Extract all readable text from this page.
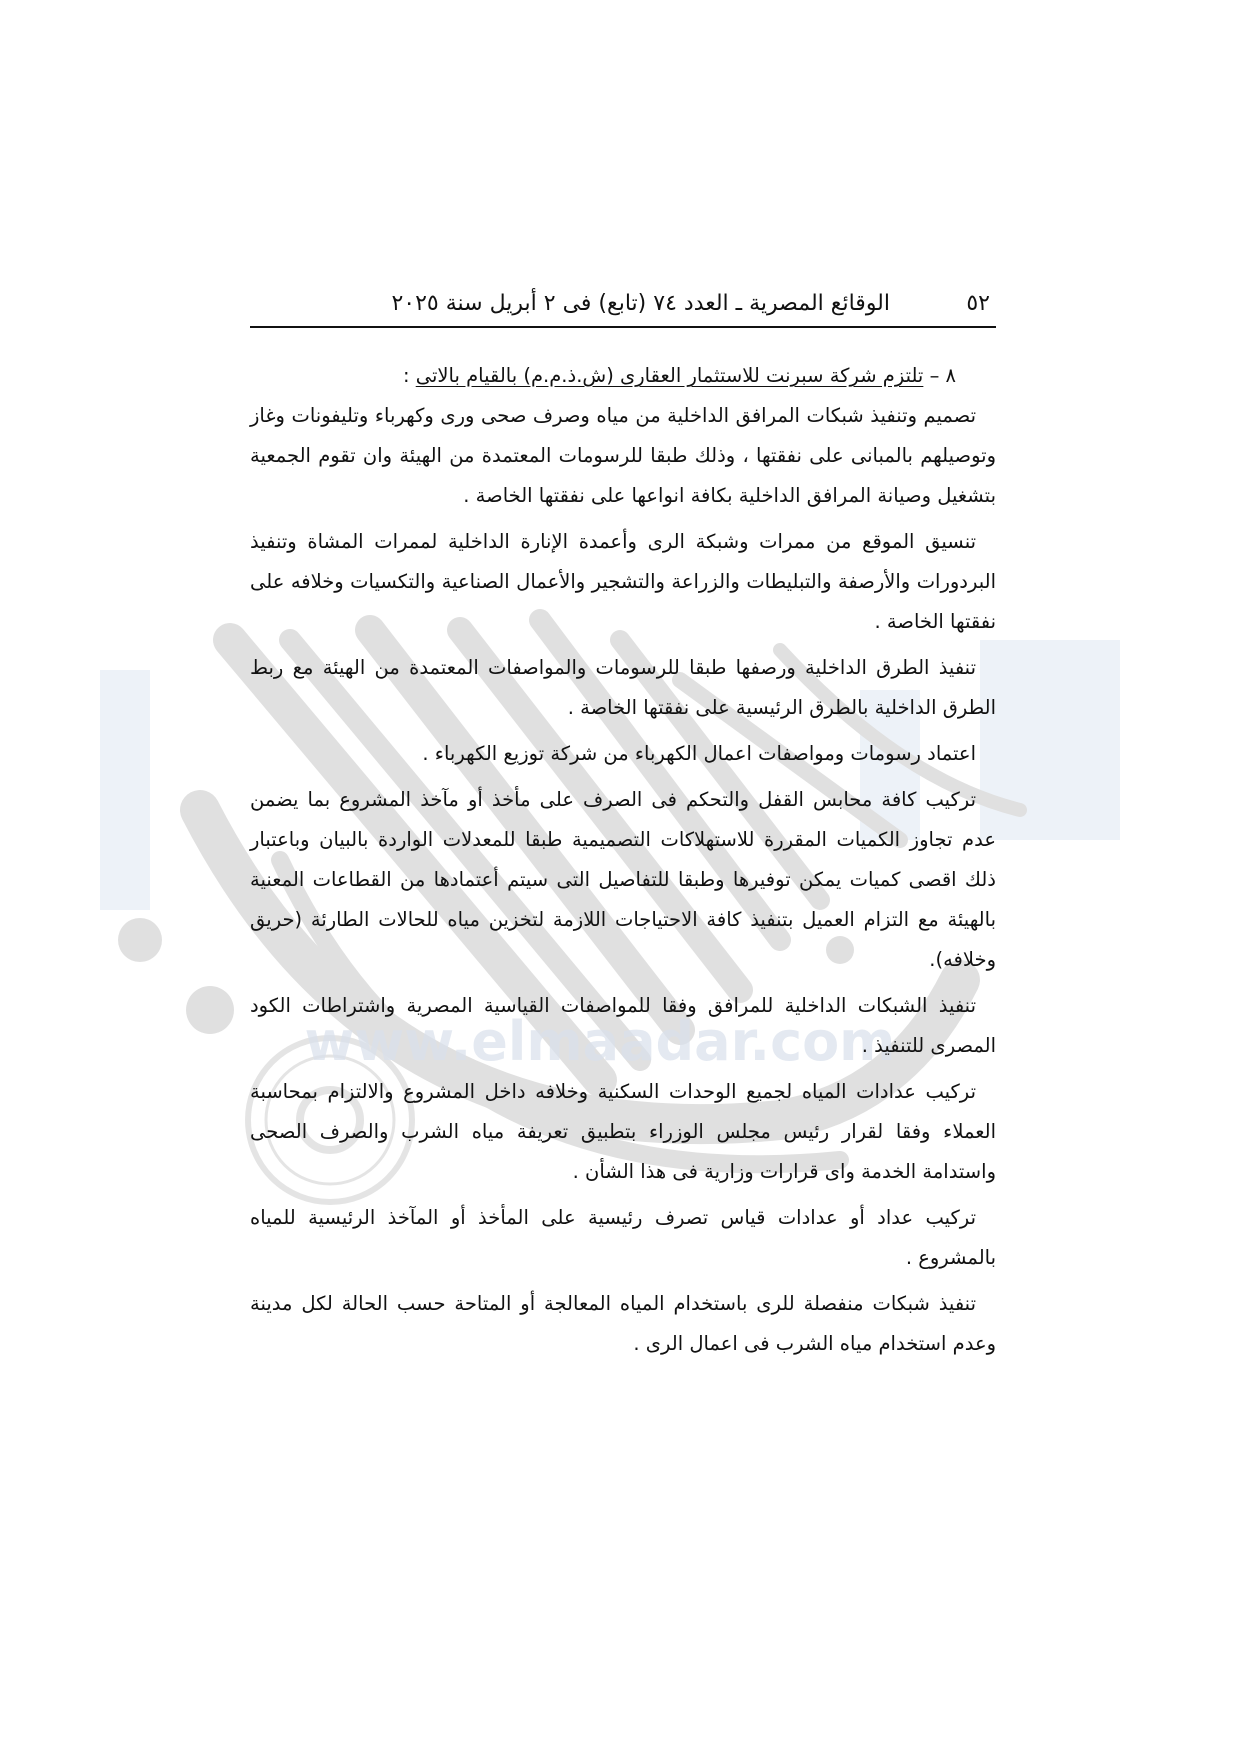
www.elmaadar.com
٥٢
الوقائع المصرية ـ العدد ٧٤ (تابع) فى ٢ أبريل سنة ٢٠٢٥

٨ – تلتزم شركة سبرنت للاستثمار العقارى (ش.ذ.م.م) بالقيام بالاتى :

تصميم وتنفيذ شبكات المرافق الداخلية من مياه وصرف صحى ورى وكهرباء وتليفونات وغاز وتوصيلهم بالمبانى على نفقتها ، وذلك طبقا للرسومات المعتمدة من الهيئة وان تقوم الجمعية بتشغيل وصيانة المرافق الداخلية بكافة انواعها على نفقتها الخاصة .

تنسيق الموقع من ممرات وشبكة الرى وأعمدة الإنارة الداخلية لممرات المشاة وتنفيذ البردورات والأرصفة والتبليطات والزراعة والتشجير والأعمال الصناعية والتكسيات وخلافه على نفقتها الخاصة .

تنفيذ الطرق الداخلية ورصفها طبقا للرسومات والمواصفات المعتمدة من الهيئة مع ربط الطرق الداخلية بالطرق الرئيسية على نفقتها الخاصة .

اعتماد رسومات ومواصفات اعمال الكهرباء من شركة توزيع الكهرباء .

تركيب كافة محابس القفل والتحكم فى الصرف على مأخذ أو مآخذ المشروع بما يضمن عدم تجاوز الكميات المقررة للاستهلاكات التصميمية طبقا للمعدلات الواردة بالبيان وباعتبار ذلك اقصى كميات يمكن توفيرها وطبقا للتفاصيل التى سيتم أعتمادها من القطاعات المعنية بالهيئة مع التزام العميل بتنفيذ كافة الاحتياجات اللازمة لتخزين مياه للحالات الطارئة (حريق وخلافه).

تنفيذ الشبكات الداخلية للمرافق وفقا للمواصفات القياسية المصرية واشتراطات الكود المصرى للتنفيذ .

تركيب عدادات المياه لجميع الوحدات السكنية وخلافه داخل المشروع والالتزام بمحاسبة العملاء وفقا لقرار رئيس مجلس الوزراء بتطبيق تعريفة مياه الشرب والصرف الصحى واستدامة الخدمة واى قرارات وزارية فى هذا الشأن .

تركيب عداد أو عدادات قياس تصرف رئيسية على المأخذ أو المآخذ الرئيسية للمياه بالمشروع .

تنفيذ شبكات منفصلة للرى باستخدام المياه المعالجة أو المتاحة حسب الحالة لكل مدينة وعدم استخدام مياه الشرب فى اعمال الرى .
